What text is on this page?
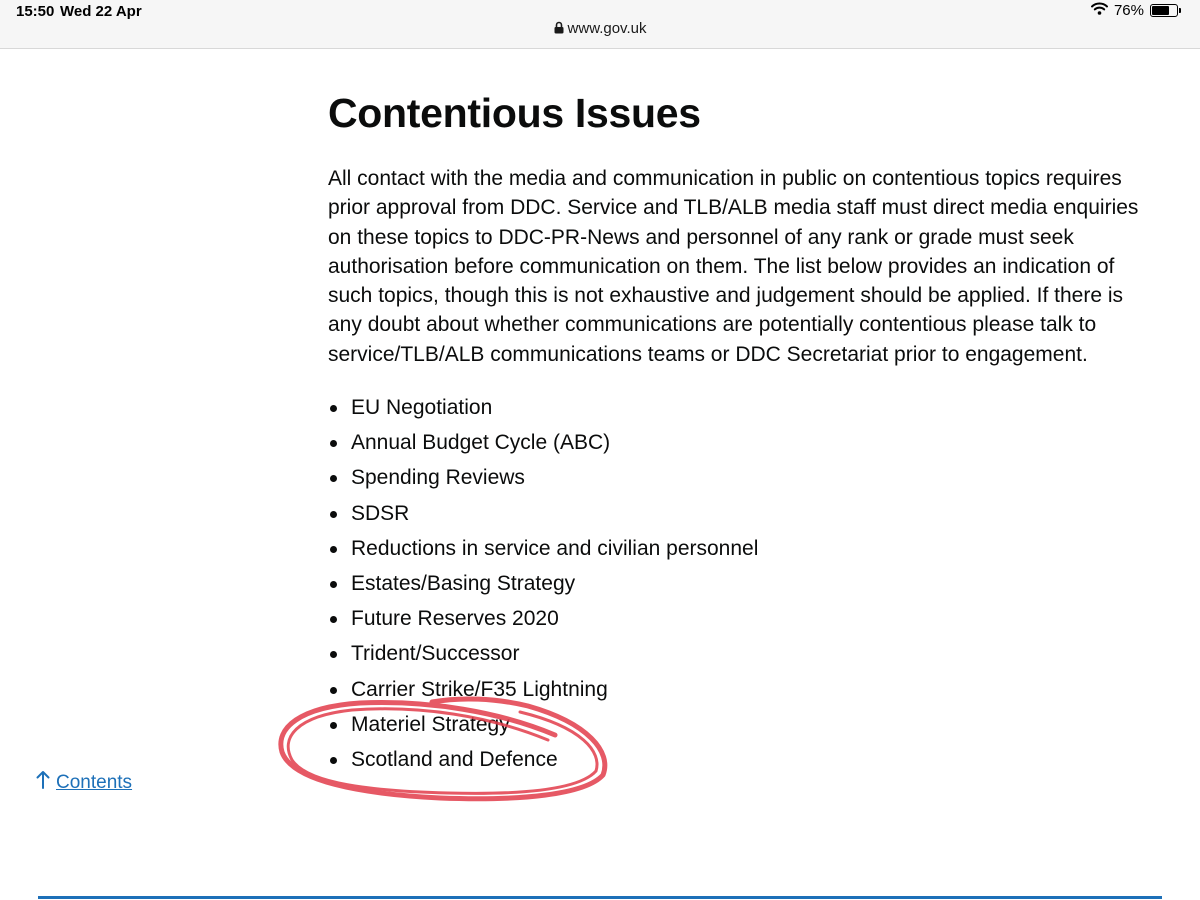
15:50 Wed 22 Apr	76%
www.gov.uk
Contentious Issues

All contact with the media and communication in public on contentious topics requires
prior approval from DDC. Service and TLB/ALB media staff must direct media enquiries
on these topics to DDC-PR-News and personnel of any rank or grade must seek
authorisation before communication on them. The list below provides an indication of
such topics, though this is not exhaustive and judgement should be applied. If there is
any doubt about whether communications are potentially contentious please talk to
service/TLB/ALB communications teams or DDC Secretariat prior to engagement.

EU Negotiation
Annual Budget Cycle (ABC)
Spending Reviews
SDSR
Reductions in service and civilian personnel
Estates/Basing Strategy
Future Reserves 2020
Trident/Successor
Carrier Strike/F35 Lightning
Materiel Strategy
Scotland and Defence
Contents
